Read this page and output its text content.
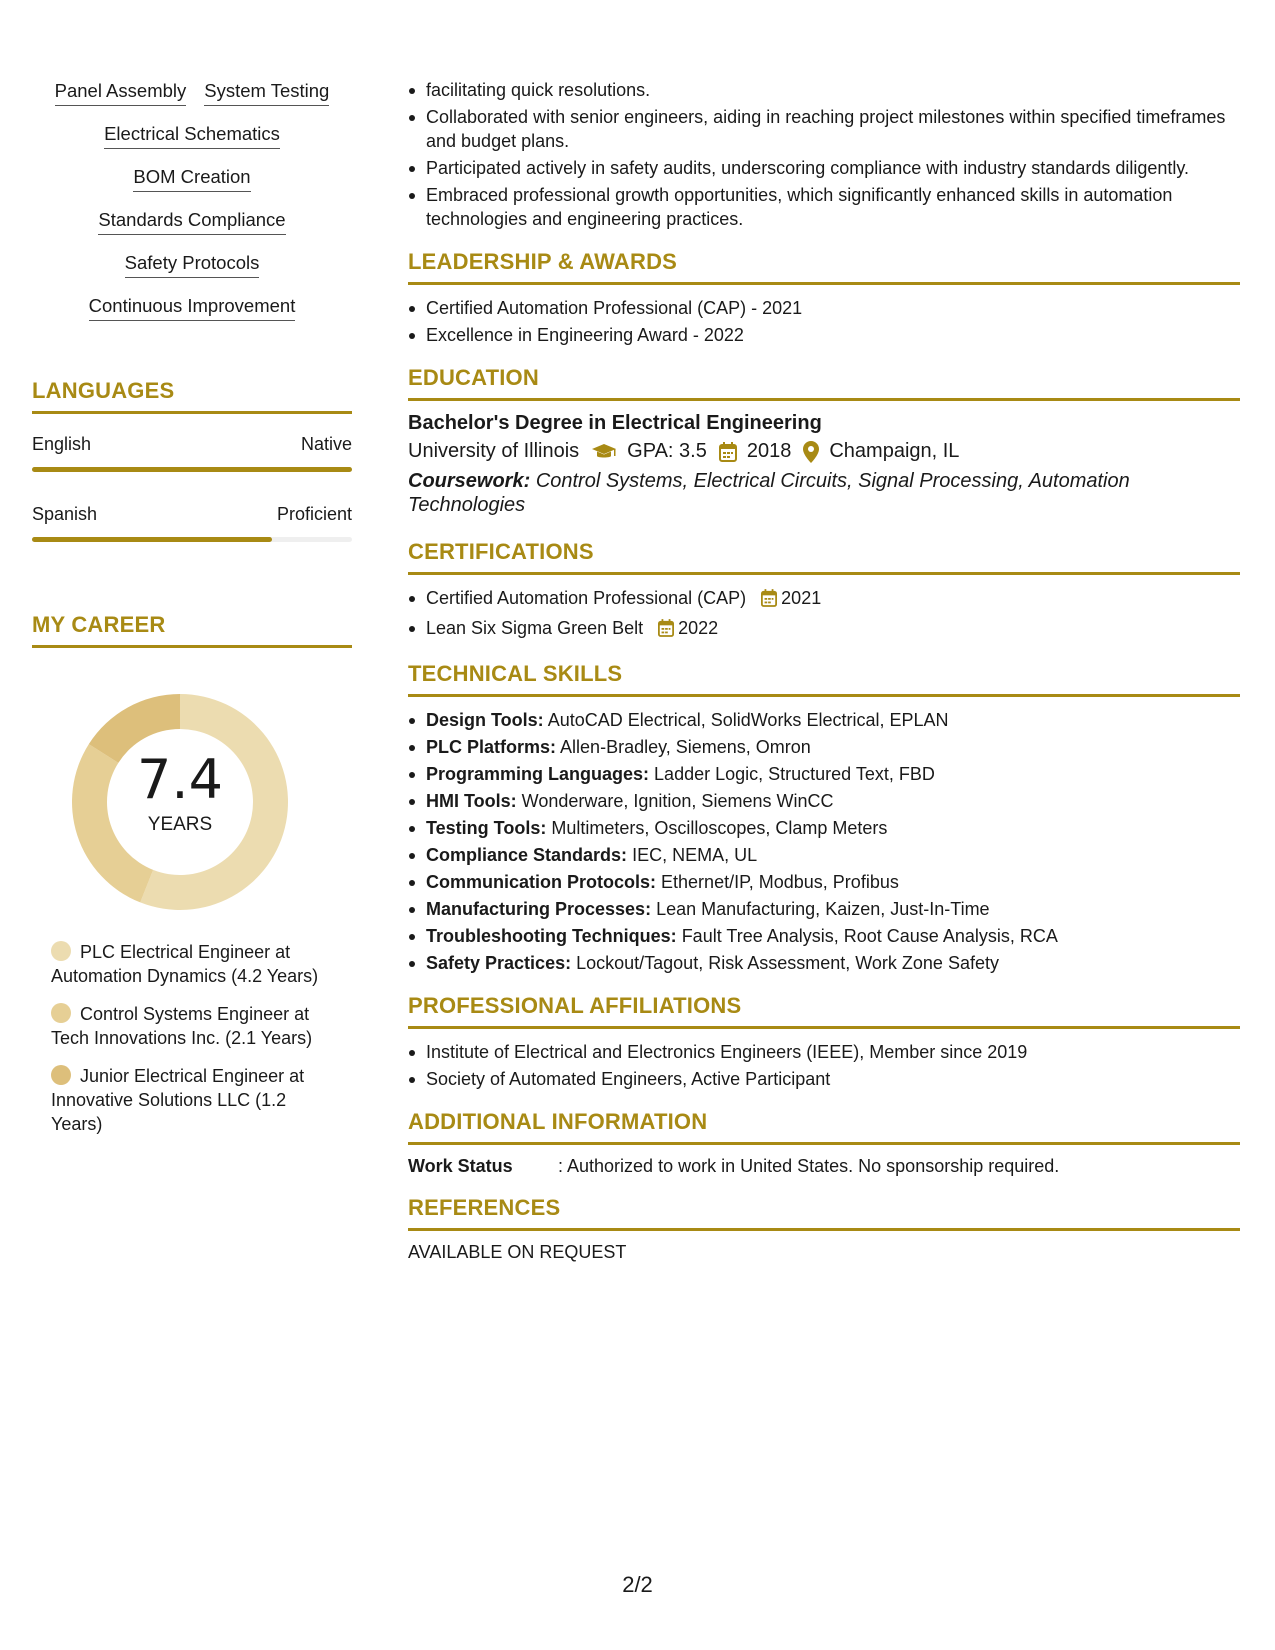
Panel Assembly System Testing
Electrical Schematics
BOM Creation
Standards Compliance
Safety Protocols
Continuous Improvement
LANGUAGES
English	Native
Spanish	Proficient
MY CAREER
7.4
YEARS
PLC Electrical Engineer at Automation Dynamics (4.2 Years)
Control Systems Engineer at Tech Innovations Inc. (2.1 Years)
Junior Electrical Engineer at Innovative Solutions LLC (1.2 Years)
facilitating quick resolutions.
Collaborated with senior engineers, aiding in reaching project milestones within specified timeframes and budget plans.
Participated actively in safety audits, underscoring compliance with industry standards diligently.
Embraced professional growth opportunities, which significantly enhanced skills in automation technologies and engineering practices.
LEADERSHIP & AWARDS
Certified Automation Professional (CAP) - 2021
Excellence in Engineering Award - 2022
EDUCATION
Bachelor's Degree in Electrical Engineering
University of Illinois GPA: 3.5 2018 Champaign, IL
Coursework: Control Systems, Electrical Circuits, Signal Processing, Automation Technologies
CERTIFICATIONS
Certified Automation Professional (CAP) 2021
Lean Six Sigma Green Belt 2022
TECHNICAL SKILLS
Design Tools: AutoCAD Electrical, SolidWorks Electrical, EPLAN
PLC Platforms: Allen-Bradley, Siemens, Omron
Programming Languages: Ladder Logic, Structured Text, FBD
HMI Tools: Wonderware, Ignition, Siemens WinCC
Testing Tools: Multimeters, Oscilloscopes, Clamp Meters
Compliance Standards: IEC, NEMA, UL
Communication Protocols: Ethernet/IP, Modbus, Profibus
Manufacturing Processes: Lean Manufacturing, Kaizen, Just-In-Time
Troubleshooting Techniques: Fault Tree Analysis, Root Cause Analysis, RCA
Safety Practices: Lockout/Tagout, Risk Assessment, Work Zone Safety
PROFESSIONAL AFFILIATIONS
Institute of Electrical and Electronics Engineers (IEEE), Member since 2019
Society of Automated Engineers, Active Participant
ADDITIONAL INFORMATION
Work Status	: Authorized to work in United States. No sponsorship required.
REFERENCES
AVAILABLE ON REQUEST
2/2
